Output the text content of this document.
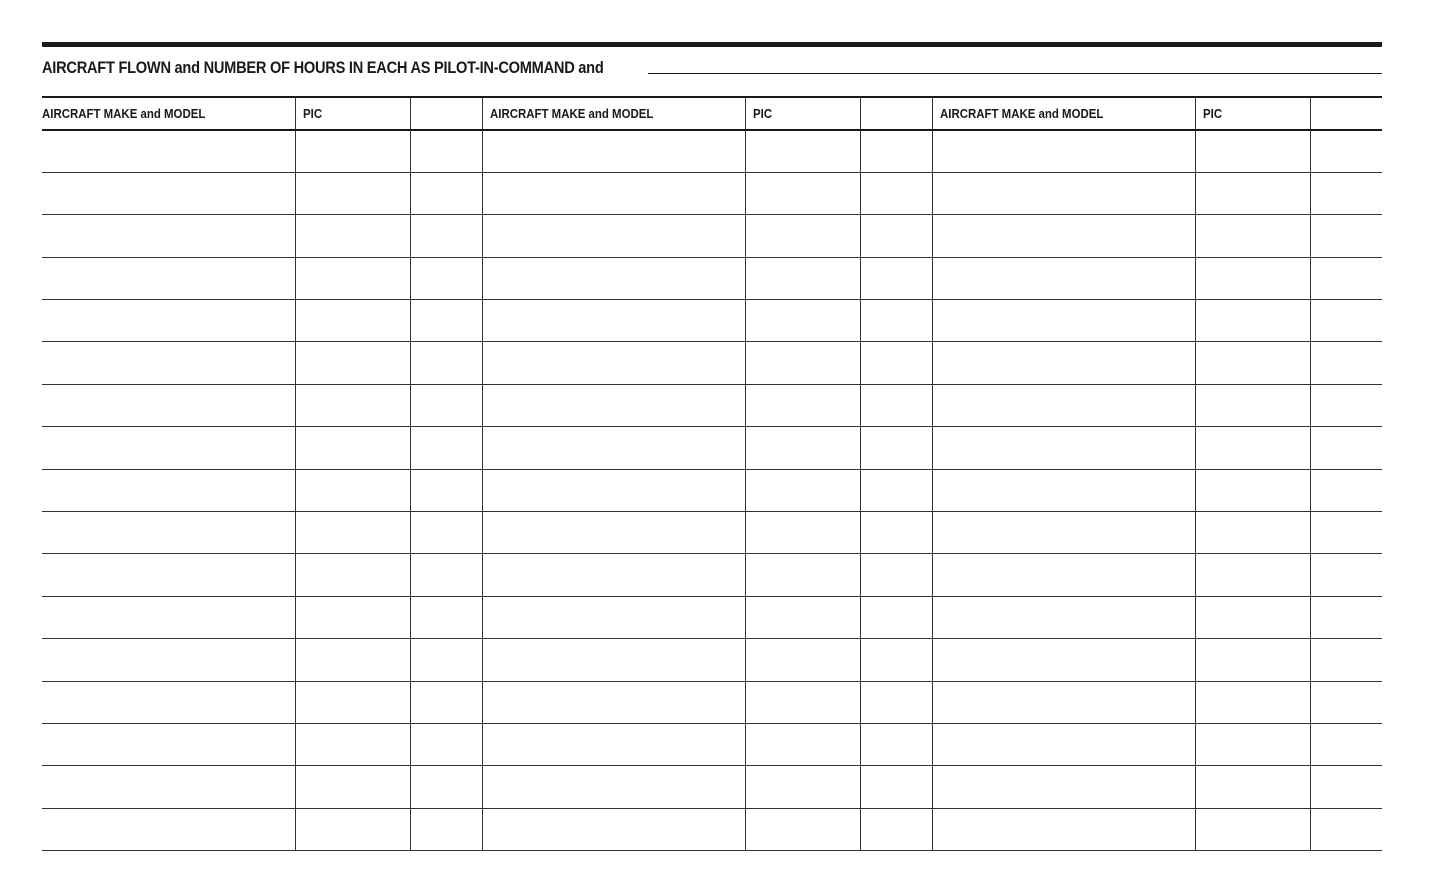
AIRCRAFT FLOWN and NUMBER OF HOURS IN EACH AS PILOT-IN-COMMAND and
AIRCRAFT MAKE and MODEL	PIC		AIRCRAFT MAKE and MODEL	PIC		AIRCRAFT MAKE and MODEL	PIC	
